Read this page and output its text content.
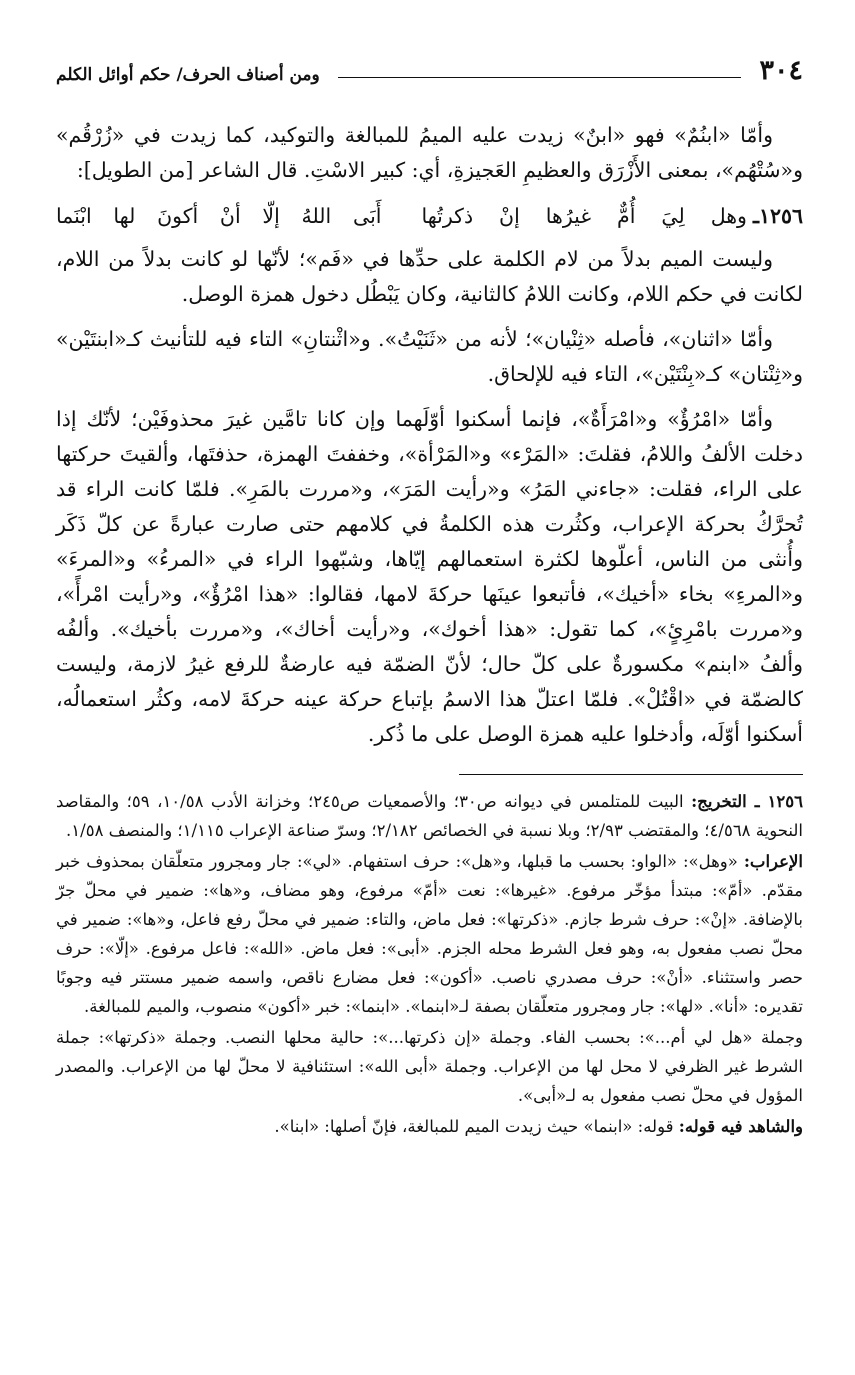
٣٠٤
ومن أصناف الحرف/ حكم أوائل الكلم

وأمّا «ابنُمٌ» فهو «ابنٌ» زيدت عليه الميمُ للمبالغة والتوكيد، كما زيدت في «زُرْقُم» و«سُتْهُم»، بمعنى الأَزْرَق والعظيمِ العَجيزةِ، أي: كبير الاسْتِ. قال الشاعر [من الطويل]:

١٢٥٦ـ
وهل لِيَ أُمٌّ غيرُها إنْ ذكرتُها
أَبَى اللهُ إلّا أنْ أكونَ لها ابْنَما

وليست الميم بدلاً من لام الكلمة على حدِّها في «فَم»؛ لأنّها لو كانت بدلاً من اللام، لكانت في حكم اللام، وكانت اللامُ كالثانية، وكان يَبْطُل دخول همزة الوصل.

وأمّا «اثنان»، فأصله «ثِنْيان»؛ لأنه من «ثَنَيْتُ». و«اثْنتانِ» التاء فيه للتأنيث كـ«ابنتَيْن» و«ثِنْتان» كـ«بِنْتَيْن»، التاء فيه للإلحاق.

وأمّا «امْرُؤٌ» و«امْرَأَةٌ»، فإنما أسكنوا أوّلَهما وإن كانا تامَّين غيرَ محذوفَيْن؛ لأنّك إذا دخلت الألفُ واللامُ، فقلتَ: «المَرْء» و«المَرْأة»، وخففتَ الهمزة، حذفتَها، وألقيتَ حركتها على الراء، فقلت: «جاءني المَرُ» و«رأيت المَرَ»، و«مررت بالمَرِ». فلمّا كانت الراء قد تُحرَّكُ بحركة الإعراب، وكثُرت هذه الكلمةُ في كلامهم حتى صارت عبارةً عن كلّ ذَكَر وأُنثى من الناس، أعلّوها لكثرة استعمالهم إيّاها، وشبّهوا الراء في «المرءُ» و«المرءَ» و«المرءِ» بخاء «أخيك»، فأتبعوا عينَها حركةَ لامها، فقالوا: «هذا امْرُؤٌ»، و«رأيت امْرأً»، و«مررت بامْرِئٍ»، كما تقول: «هذا أخوك»، و«رأيت أخاك»، و«مررت بأخيك». وألفُه وألفُ «ابنم» مكسورةٌ على كلّ حال؛ لأنّ الضمّة فيه عارضةٌ للرفع غيرُ لازمة، وليست كالضمّة في «اقْتُلْ». فلمّا اعتلّ هذا الاسمُ بإتباع حركة عينه حركةَ لامه، وكثُر استعمالُه، أسكنوا أوّلَه، وأدخلوا عليه همزة الوصل على ما ذُكر.

١٢٥٦ ـ التخريج: البيت للمتلمس في ديوانه ص٣٠؛ والأصمعيات ص٢٤٥؛ وخزانة الأدب ١٠/٥٨، ٥٩؛ والمقاصد النحوية ٤/٥٦٨؛ والمقتضب ٢/٩٣؛ وبلا نسبة في الخصائص ٢/١٨٢؛ وسرّ صناعة الإعراب ١/١١٥؛ والمنصف ١/٥٨.

الإعراب: «وهل»: «الواو: بحسب ما قبلها، و«هل»: حرف استفهام. «لي»: جار ومجرور متعلّقان بمحذوف خبر مقدّم. «أمّ»: مبتدأ مؤخّر مرفوع. «غيرها»: نعت «أمّ» مرفوع، وهو مضاف، و«ها»: ضمير في محلّ جرّ بالإضافة. «إنْ»: حرف شرط جازم. «ذكرتها»: فعل ماض، والتاء: ضمير في محلّ رفع فاعل، و«ها»: ضمير في محلّ نصب مفعول به، وهو فعل الشرط محله الجزم. «أبى»: فعل ماض. «الله»: فاعل مرفوع. «إلّا»: حرف حصر واستثناء. «أنْ»: حرف مصدري ناصب. «أكون»: فعل مضارع ناقص، واسمه ضمير مستتر فيه وجوبًا تقديره: «أنا». «لها»: جار ومجرور متعلّقان بصفة لـ«ابنما». «ابنما»: خبر «أكون» منصوب، والميم للمبالغة.

وجملة «هل لي أم...»: بحسب الفاء. وجملة «إن ذكرتها...»: حالية محلها النصب. وجملة «ذكرتها»: جملة الشرط غير الظرفي لا محل لها من الإعراب. وجملة «أبى الله»: استئنافية لا محلّ لها من الإعراب. والمصدر المؤول في محلّ نصب مفعول به لـ«أبى».

والشاهد فيه قوله: قوله: «ابنما» حيث زيدت الميم للمبالغة، فإنّ أصلها: «ابنا».
